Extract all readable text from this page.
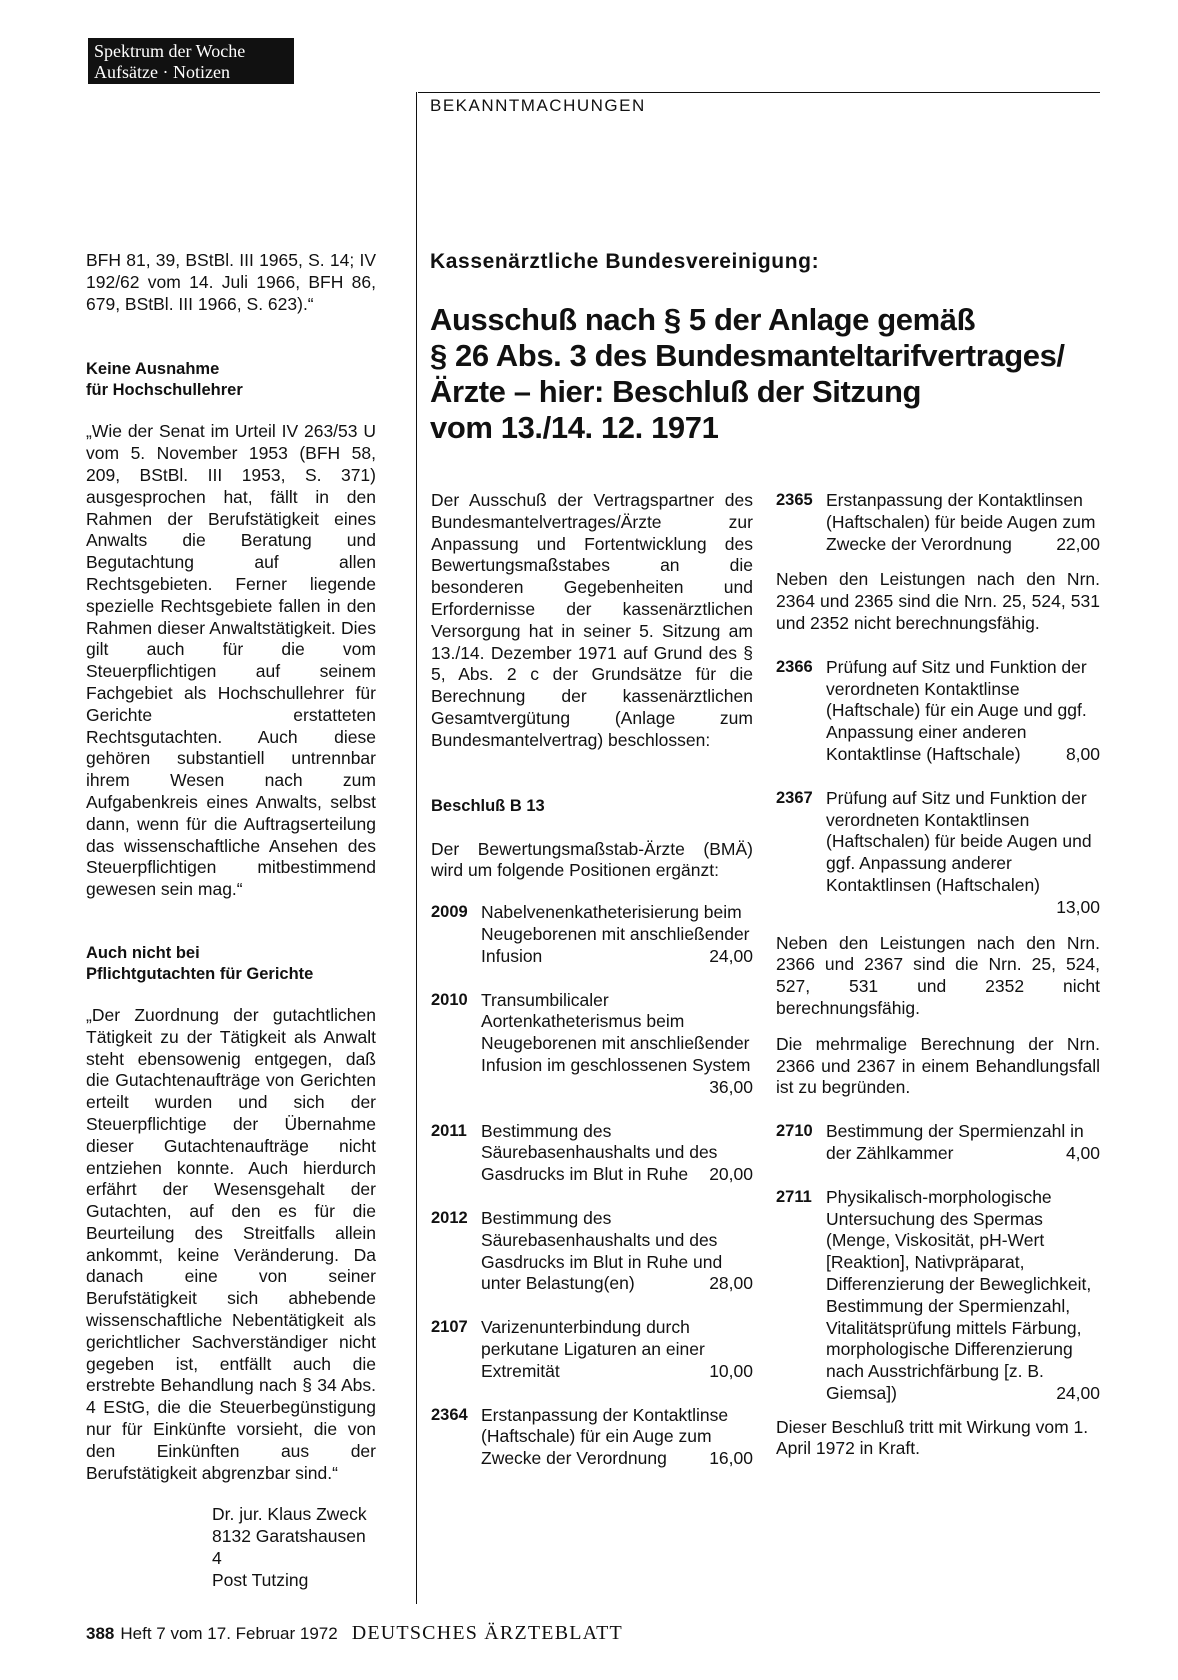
Spektrum der Woche
Aufsätze · Notizen
BEKANNTMACHUNGEN

BFH 81, 39, BStBl. III 1965, S. 14; IV 192/62 vom 14. Juli 1966, BFH 86, 679, BStBl. III 1966, S. 623).“

Keine Ausnahme
für Hochschullehrer

„Wie der Senat im Urteil IV 263/53 U vom 5. November 1953 (BFH 58, 209, BStBl. III 1953, S. 371) ausgesprochen hat, fällt in den Rahmen der Berufstätigkeit eines Anwalts die Beratung und Begutachtung auf allen Rechtsgebieten. Ferner liegende spezielle Rechtsgebiete fallen in den Rahmen dieser Anwaltstätigkeit. Dies gilt auch für die vom Steuerpflichtigen auf seinem Fachgebiet als Hochschullehrer für Gerichte erstatteten Rechtsgutachten. Auch diese gehören substantiell untrennbar ihrem Wesen nach zum Aufgabenkreis eines Anwalts, selbst dann, wenn für die Auftragserteilung das wissenschaftliche Ansehen des Steuerpflichtigen mitbestimmend gewesen sein mag.“

Auch nicht bei
Pflichtgutachten für Gerichte

„Der Zuordnung der gutachtlichen Tätigkeit zu der Tätigkeit als Anwalt steht ebensowenig entgegen, daß die Gutachtenaufträge von Gerichten erteilt wurden und sich der Steuerpflichtige der Übernahme dieser Gutachtenaufträge nicht entziehen konnte. Auch hierdurch erfährt der Wesensgehalt der Gutachten, auf den es für die Beurteilung des Streitfalls allein ankommt, keine Veränderung. Da danach eine von seiner Berufstätigkeit sich abhebende wissenschaftliche Nebentätigkeit als gerichtlicher Sachverständiger nicht gegeben ist, entfällt auch die erstrebte Behandlung nach § 34 Abs. 4 EStG, die die Steuerbegünstigung nur für Einkünfte vorsieht, die von den Einkünften aus der Berufstätigkeit abgrenzbar sind.“

Dr. jur. Klaus Zweck
8132 Garatshausen 4
Post Tutzing
Kassenärztliche Bundesvereinigung:
Ausschuß nach § 5 der Anlage gemäß
§ 26 Abs. 3 des Bundesmanteltarifvertrages/
Ärzte – hier: Beschluß der Sitzung
vom 13./14. 12. 1971

Der Ausschuß der Vertragspartner des Bundesmantelvertrages/Ärzte zur Anpassung und Fortentwicklung des Bewertungsmaßstabes an die besonderen Gegebenheiten und Erfordernisse der kassenärztlichen Versorgung hat in seiner 5. Sitzung am 13./14. Dezember 1971 auf Grund des § 5, Abs. 2 c der Grundsätze für die Berechnung der kassenärztlichen Gesamtvergütung (Anlage zum Bundesmantelvertrag) beschlossen:

Beschluß B 13

Der Bewertungsmaßstab-Ärzte (BMÄ) wird um folgende Positionen ergänzt:

2009 Nabelvenenkatheterisierung beim Neugeborenen mit anschließender Infusion	24,00
2010 Transumbilicaler Aortenkatheterismus beim Neugeborenen mit anschließender Infusion im geschlossenen System
36,00
2011 Bestimmung des Säurebasenhaushalts und des Gasdrucks im Blut in Ruhe 20,00
2012 Bestimmung des Säurebasenhaushalts und des Gasdrucks im Blut in Ruhe und unter Belastung(en)	28,00
2107 Varizenunterbindung durch perkutane Ligaturen an einer Extremität	10,00
2364 Erstanpassung der Kontaktlinse (Haftschale) für ein Auge zum Zwecke der Verordnung 16,00
2365 Erstanpassung der Kontaktlinsen (Haftschalen) für beide Augen zum Zwecke der Verordnung	22,00

Neben den Leistungen nach den Nrn. 2364 und 2365 sind die Nrn. 25, 524, 531 und 2352 nicht berechnungsfähig.

2366 Prüfung auf Sitz und Funktion der verordneten Kontaktlinse (Haftschale) für ein Auge und ggf. Anpassung einer anderen Kontaktlinse (Haftschale)	8,00
2367 Prüfung auf Sitz und Funktion der verordneten Kontaktlinsen (Haftschalen) für beide Augen und ggf. Anpassung anderer Kontaktlinsen (Haftschalen)
13,00

Neben den Leistungen nach den Nrn. 2366 und 2367 sind die Nrn. 25, 524, 527, 531 und 2352 nicht berechnungsfähig.

Die mehrmalige Berechnung der Nrn. 2366 und 2367 in einem Behandlungsfall ist zu begründen.

2710 Bestimmung der Spermienzahl in der Zählkammer	4,00
2711 Physikalisch-morphologische Untersuchung des Spermas (Menge, Viskosität, pH-Wert [Reaktion], Nativpräparat, Differenzierung der Beweglichkeit, Bestimmung der Spermienzahl, Vitalitätsprüfung mittels Färbung, morphologische Differenzierung nach Ausstrichfärbung [z. B. Giemsa])	24,00

Dieser Beschluß tritt mit Wirkung vom 1. April 1972 in Kraft.

388 Heft 7 vom 17. Februar 1972 DEUTSCHES ÄRZTEBLATT
